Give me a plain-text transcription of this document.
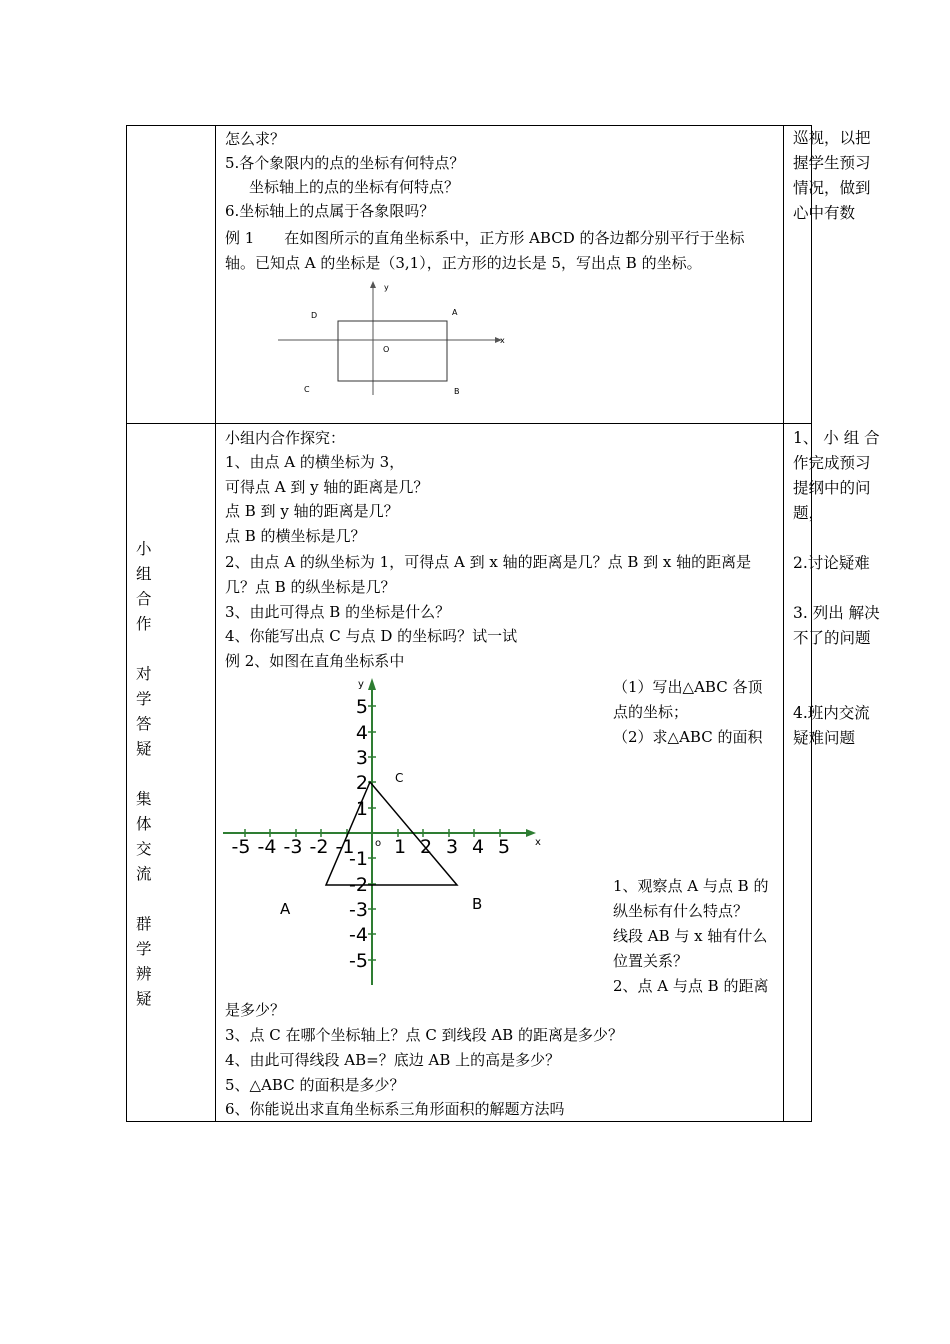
怎么求？
5.各个象限内的点的坐标有何特点？
坐标轴上的点的坐标有何特点？
6.坐标轴上的点属于各象限吗？
例 1　　在如图所示的直角坐标系中，正方形 ABCD 的各边都分别平行于坐标
轴。已知点 A 的坐标是（3,1），正方形的边长是 5，写出点 B 的坐标。
巡视，以把
握学生预习
情况，做到
心中有数
y
x
O
A
B
C
D
小
组
合
作
对
学
答
疑
集
体
交
流
群
学
辨
疑
小组内合作探究：
1、由点 A 的横坐标为 3，
可得点 A 到 y 轴的距离是几？
点 B 到 y 轴的距离是几？
点 B 的横坐标是几？
2、由点 A 的纵坐标为 1，可得点 A 到 x 轴的距离是几？点 B 到 x 轴的距离是
几？点 B 的纵坐标是几？
3、由此可得点 B 的坐标是什么？
4、你能写出点 C 与点 D 的坐标吗？试一试
例 2、如图在直角坐标系中
（1）写出△ABC 各顶
点的坐标；
（2）求△ABC 的面积
1、观察点 A 与点 B 的
纵坐标有什么特点？
线段 AB 与 x 轴有什么
位置关系？
2、点 A 与点 B 的距离
是多少？
3、点 C 在哪个坐标轴上？点 C 到线段 AB 的距离是多少？
4、由此可得线段 AB=？底边 AB 上的高是多少？
5、△ABC 的面积是多少？
6、你能说出求直角坐标系三角形面积的解题方法吗
1、 小 组 合
作完成预习
提纲中的问
题，
2.讨论疑难
3. 列出 解决
不了的问题
4.班内交流
疑难问题
-5 -4 -3 -2 -1 1 2 3 4 5
5
4
3
2
1
-1
-2
-3
-4
-5
x
y
o
A	B
C
